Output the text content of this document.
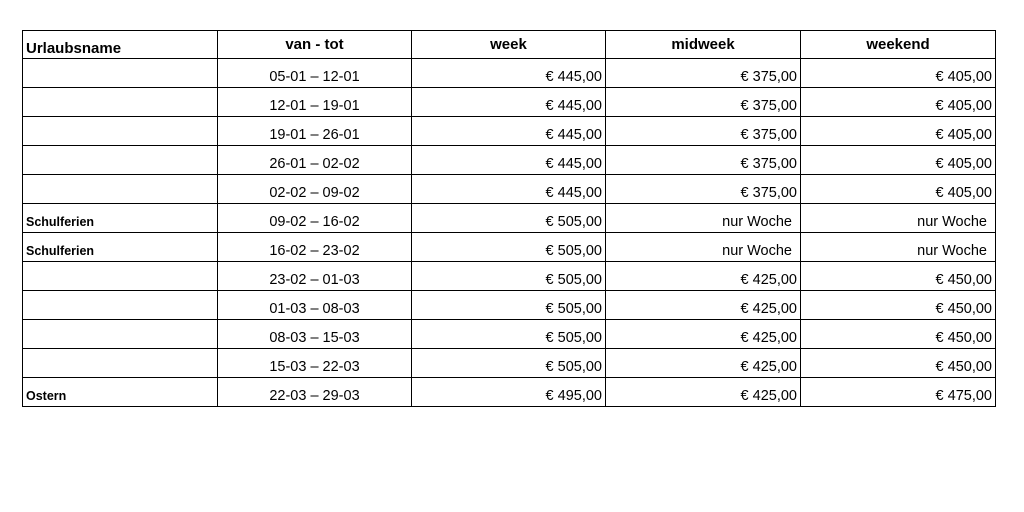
Urlaubsname	van - tot	week	midweek	weekend
	05-01 – 12-01	€ 445,00	€ 375,00	€ 405,00
	12-01 – 19-01	€ 445,00	€ 375,00	€ 405,00
	19-01 – 26-01	€ 445,00	€ 375,00	€ 405,00
	26-01 – 02-02	€ 445,00	€ 375,00	€ 405,00
	02-02 – 09-02	€ 445,00	€ 375,00	€ 405,00
Schulferien	09-02 – 16-02	€ 505,00	nur Woche	nur Woche
Schulferien	16-02 – 23-02	€ 505,00	nur Woche	nur Woche
	23-02 – 01-03	€ 505,00	€ 425,00	€ 450,00
	01-03 – 08-03	€ 505,00	€ 425,00	€ 450,00
	08-03 – 15-03	€ 505,00	€ 425,00	€ 450,00
	15-03 – 22-03	€ 505,00	€ 425,00	€ 450,00
Ostern	22-03 – 29-03	€ 495,00	€ 425,00	€ 475,00
